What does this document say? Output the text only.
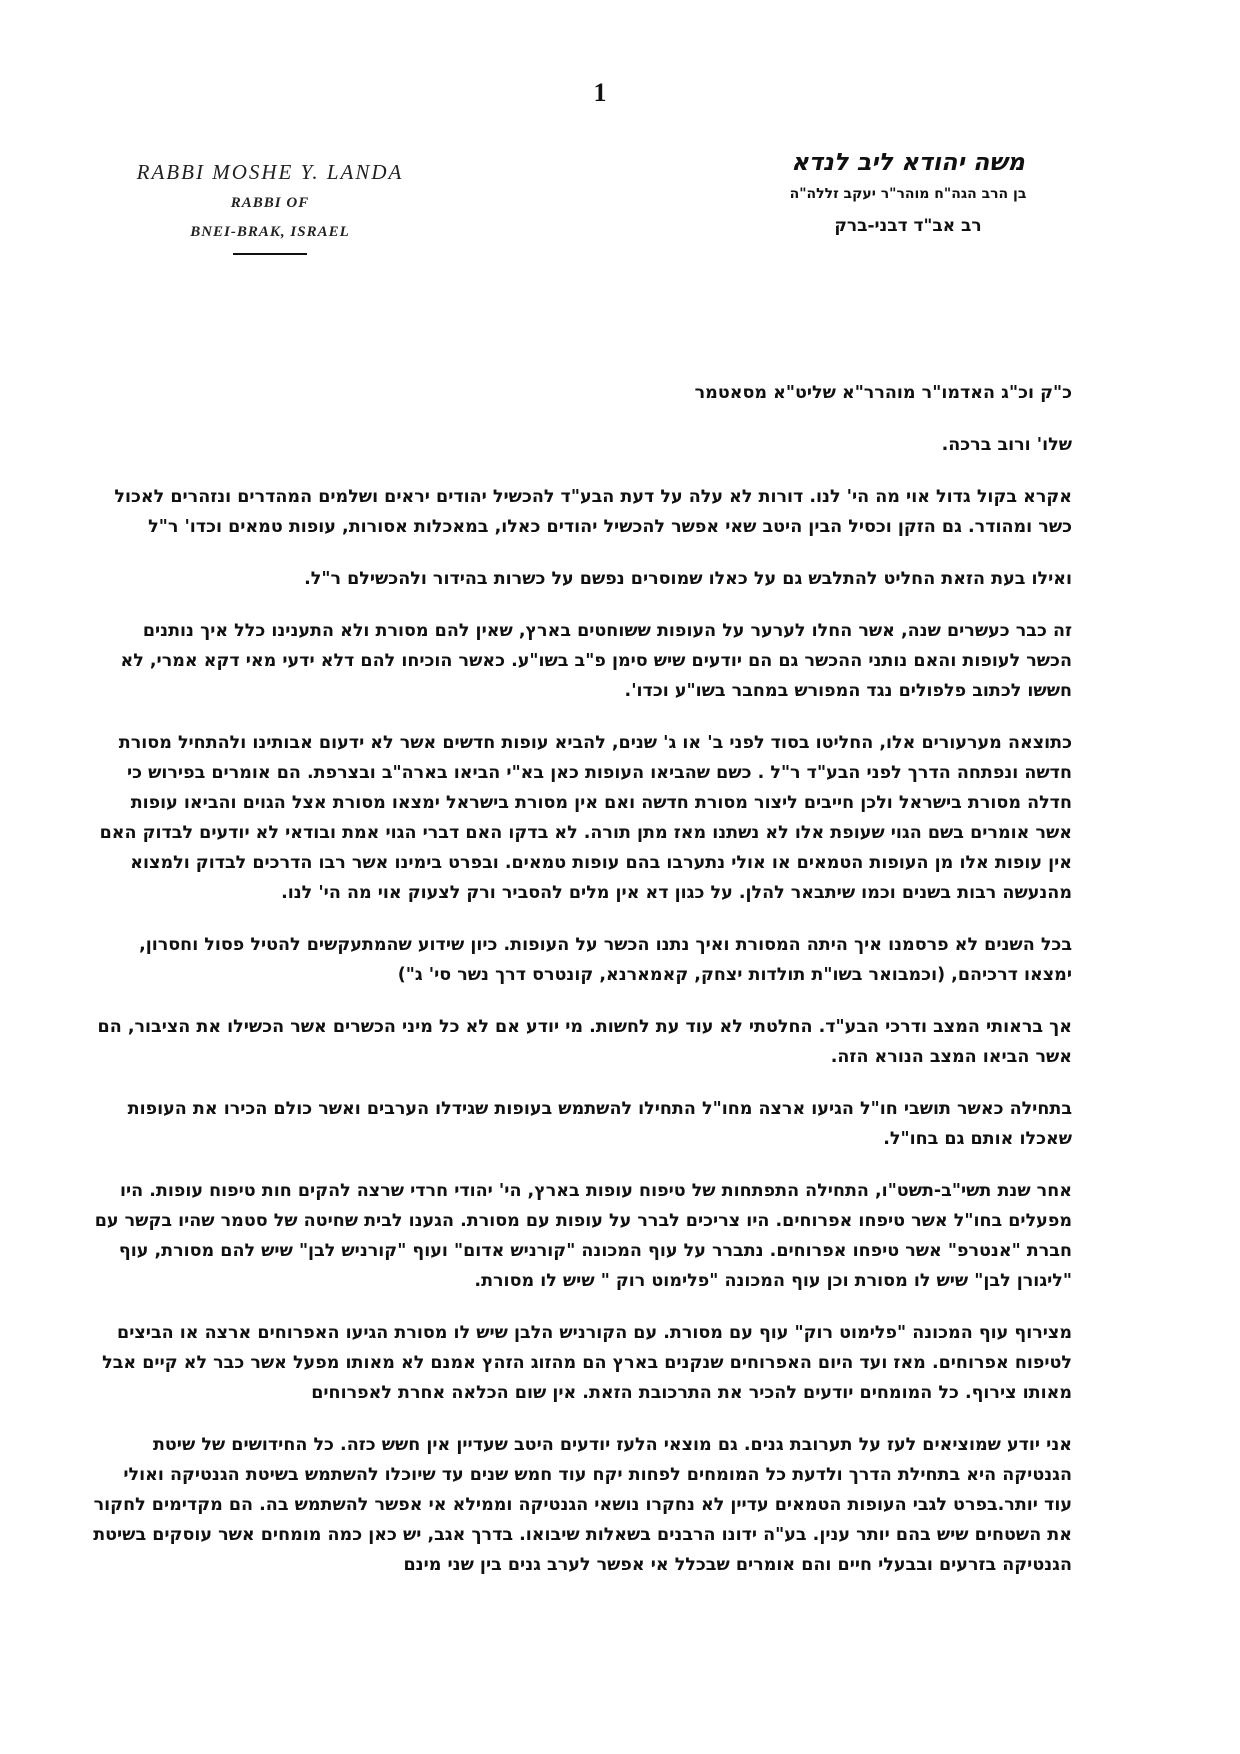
1
RABBI MOSHE Y. LANDA
RABBI OF
BNEI-BRAK, ISRAEL
משה יהודא ליב לנדא
בן הרב הגה"ח מוהר"ר יעקב זללה"ה
רב אב"ד דבני-ברק

כ"ק וכ"ג האדמו"ר מוהרר"א שליט"א מסאטמר

שלו' ורוב ברכה.

אקרא בקול גדול אוי מה הי' לנו. דורות לא עלה על דעת הבע"ד להכשיל יהודים יראים ושלמים המהדרים ונזהרים לאכול כשר ומהודר. גם הזקן וכסיל הבין היטב שאי אפשר להכשיל יהודים כאלו, במאכלות אסורות, עופות טמאים וכדו' ר"ל

ואילו בעת הזאת החליט להתלבש גם על כאלו שמוסרים נפשם על כשרות בהידור ולהכשילם ר"ל.

זה כבר כעשרים שנה, אשר החלו לערער על העופות ששוחטים בארץ, שאין להם מסורת ולא התענינו כלל איך נותנים הכשר לעופות והאם נותני ההכשר גם הם יודעים שיש סימן פ"ב בשו"ע. כאשר הוכיחו להם דלא ידעי מאי דקא אמרי, לא חששו לכתוב פלפולים נגד המפורש במחבר בשו"ע וכדו'.

כתוצאה מערעורים אלו, החליטו בסוד לפני ב' או ג' שנים, להביא עופות חדשים אשר לא ידעום אבותינו ולהתחיל מסורת חדשה ונפתחה הדרך לפני הבע"ד ר"ל . כשם שהביאו העופות כאן בא"י הביאו בארה"ב ובצרפת. הם אומרים בפירוש כי חדלה מסורת בישראל ולכן חייבים ליצור מסורת חדשה ואם אין מסורת בישראל ימצאו מסורת אצל הגוים והביאו עופות אשר אומרים בשם הגוי שעופת אלו לא נשתנו מאז מתן תורה. לא בדקו האם דברי הגוי אמת ובודאי לא יודעים לבדוק האם אין עופות אלו מן העופות הטמאים או אולי נתערבו בהם עופות טמאים. ובפרט בימינו אשר רבו הדרכים לבדוק ולמצוא מהנעשה רבות בשנים וכמו שיתבאר להלן. על כגון דא אין מלים להסביר ורק לצעוק אוי מה הי' לנו.

בכל השנים לא פרסמנו איך היתה המסורת ואיך נתנו הכשר על העופות. כיון שידוע שהמתעקשים להטיל פסול וחסרון, ימצאו דרכיהם, (וכמבואר בשו"ת תולדות יצחק, קאמארנא, קונטרס דרך נשר סי' ג")

אך בראותי המצב ודרכי הבע"ד. החלטתי לא עוד עת לחשות. מי יודע אם לא כל מיני הכשרים אשר הכשילו את הציבור, הם אשר הביאו המצב הנורא הזה.

בתחילה כאשר תושבי חו"ל הגיעו ארצה מחו"ל התחילו להשתמש בעופות שגידלו הערבים ואשר כולם הכירו את העופות שאכלו אותם גם בחו"ל.

אחר שנת תשי"ב-תשט"ו, התחילה התפתחות של טיפוח עופות בארץ, הי' יהודי חרדי שרצה להקים חות טיפוח עופות. היו מפעלים בחו"ל אשר טיפחו אפרוחים. היו צריכים לברר על עופות עם מסורת. הגענו לבית שחיטה של סטמר שהיו בקשר עם חברת "אנטרפ" אשר טיפחו אפרוחים. נתברר על עוף המכונה "קורניש אדום" ועוף "קורניש לבן" שיש להם מסורת, עוף "ליגורן לבן" שיש לו מסורת וכן עוף המכונה "פלימוט רוק " שיש לו מסורת.

מצירוף עוף המכונה "פלימוט רוק" עוף עם מסורת. עם הקורניש הלבן שיש לו מסורת הגיעו האפרוחים ארצה או הביצים לטיפוח אפרוחים. מאז ועד היום האפרוחים שנקנים בארץ הם מהזוג הזהץ אמנם לא מאותו מפעל אשר כבר לא קיים אבל מאותו צירוף. כל המומחים יודעים להכיר את התרכובת הזאת. אין שום הכלאה אחרת לאפרוחים

אני יודע שמוציאים לעז על תערובת גנים. גם מוצאי הלעז יודעים היטב שעדיין אין חשש כזה. כל החידושים של שיטת הגנטיקה היא בתחילת הדרך ולדעת כל המומחים לפחות יקח עוד חמש שנים עד שיוכלו להשתמש בשיטת הגנטיקה ואולי עוד יותר.בפרט לגבי העופות הטמאים עדיין לא נחקרו נושאי הגנטיקה וממילא אי אפשר להשתמש בה. הם מקדימים לחקור את השטחים שיש בהם יותר ענין. בע"ה ידונו הרבנים בשאלות שיבואו. בדרך אגב, יש כאן כמה מומחים אשר עוסקים בשיטת הגנטיקה בזרעים ובבעלי חיים והם אומרים שבכלל אי אפשר לערב גנים בין שני מינם
